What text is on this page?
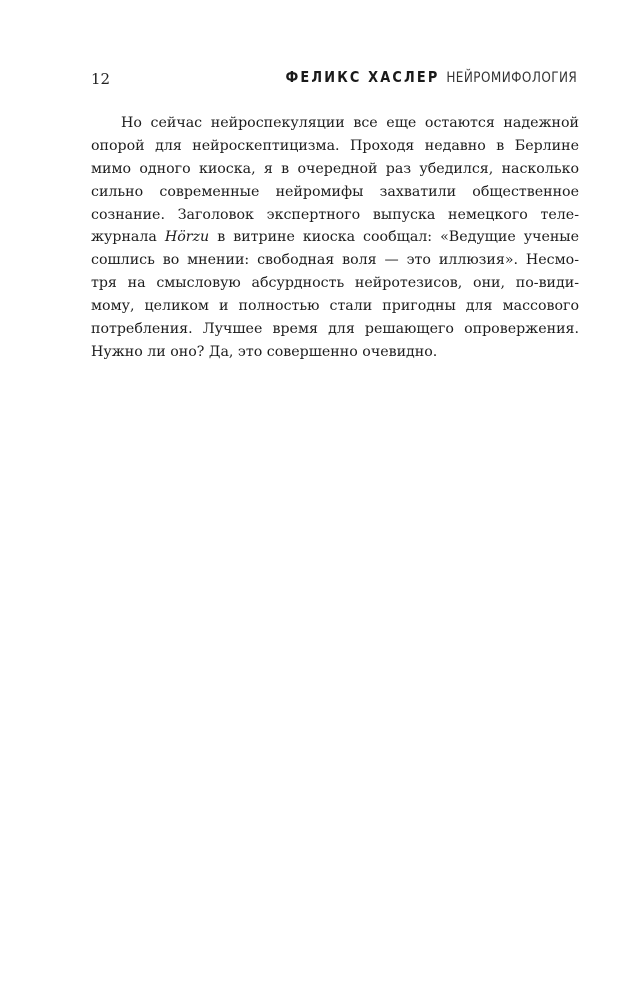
12	ФЕЛИКС ХАСЛЕР НЕЙРОМИФОЛОГИЯ
Но сейчас нейроспекуляции все еще остаются надежной
опорой для нейроскептицизма. Проходя недавно в Берлине
мимо одного киоска, я в очередной раз убедился, насколько
сильно современные нейромифы захватили общественное
сознание. Заголовок экспертного выпуска немецкого теле-
журнала Hörzu в витрине киоска сообщал: «Ведущие ученые
сошлись во мнении: свободная воля — это иллюзия». Несмо-
тря на смысловую абсурдность нейротезисов, они, по-види-
мому, целиком и полностью стали пригодны для массового
потребления. Лучшее время для решающего опровержения.
Нужно ли оно? Да, это совершенно очевидно.
